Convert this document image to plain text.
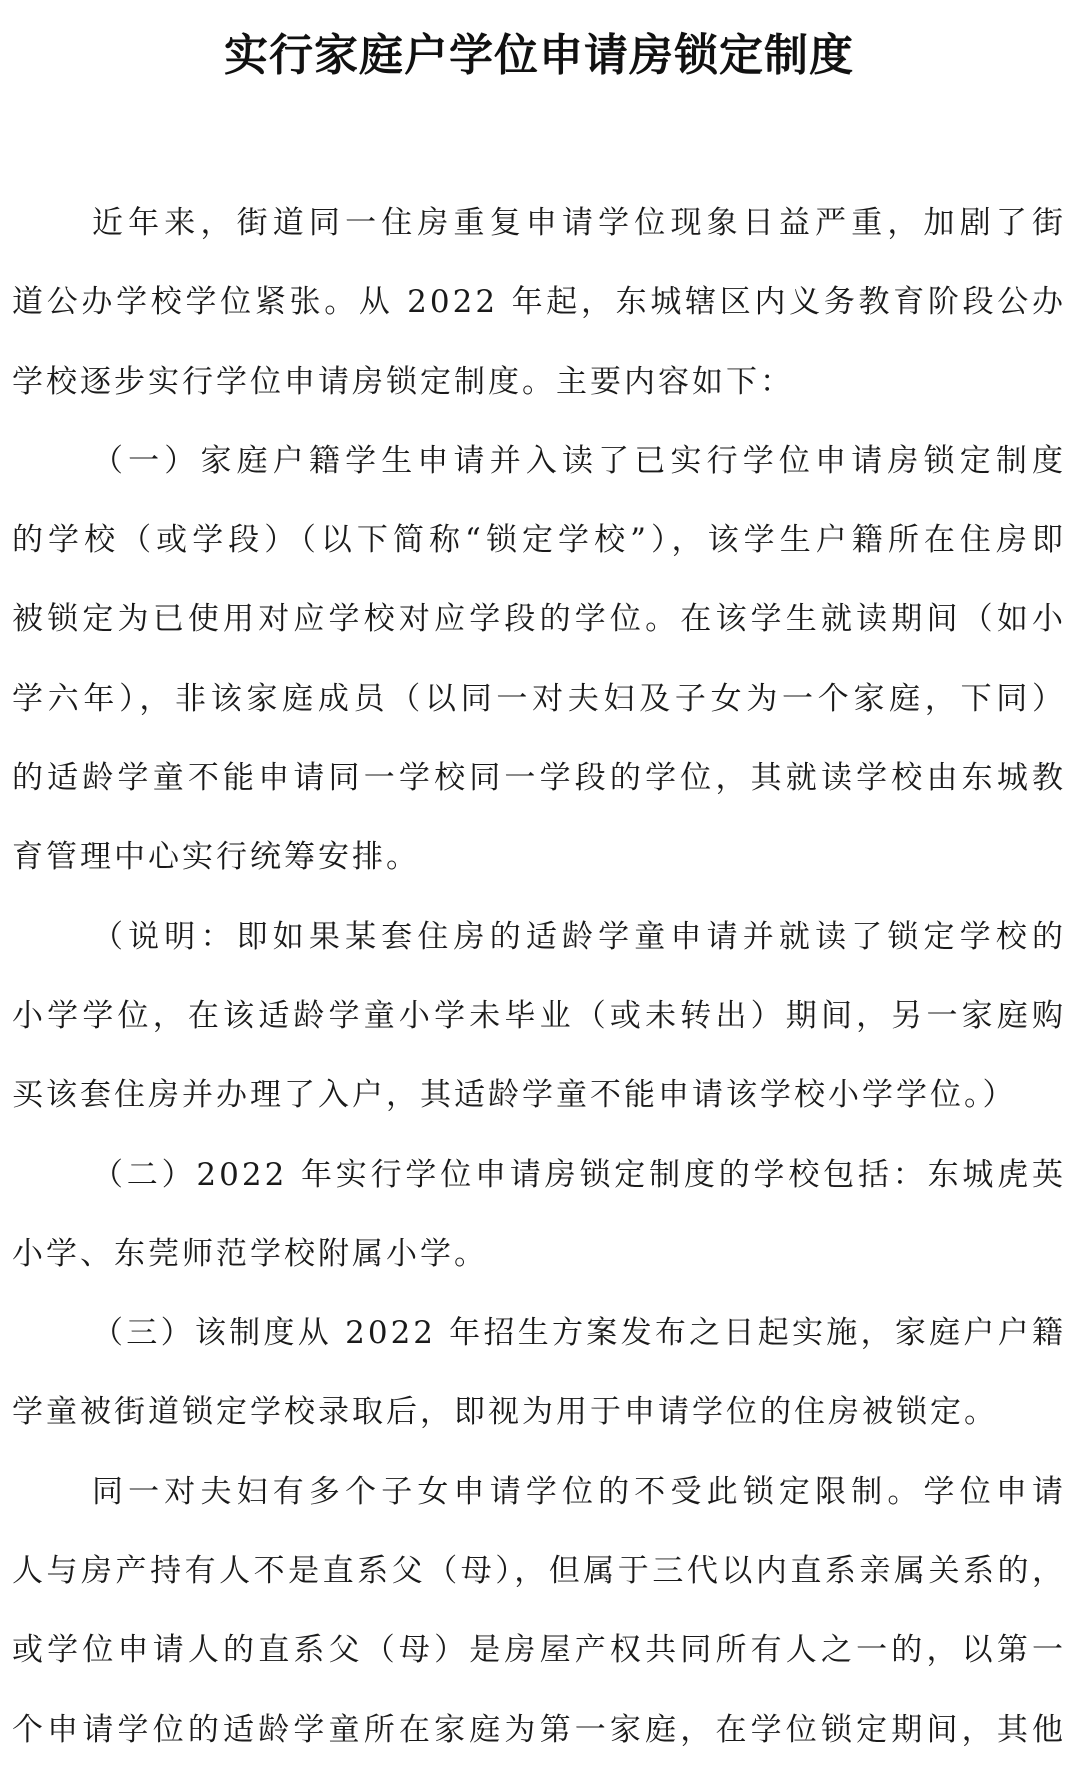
实行家庭户学位申请房锁定制度

近年来，街道同一住房重复申请学位现象日益严重，加剧了街
道公办学校学位紧张。从 2022 年起，东城辖区内义务教育阶段公办
学校逐步实行学位申请房锁定制度。主要内容如下：

（一）家庭户籍学生申请并入读了已实行学位申请房锁定制度
的学校（或学段）（以下简称“锁定学校”），该学生户籍所在住房即
被锁定为已使用对应学校对应学段的学位。在该学生就读期间（如小
学六年），非该家庭成员（以同一对夫妇及子女为一个家庭，下同）
的适龄学童不能申请同一学校同一学段的学位，其就读学校由东城教
育管理中心实行统筹安排。

（说明：即如果某套住房的适龄学童申请并就读了锁定学校的
小学学位，在该适龄学童小学未毕业（或未转出）期间，另一家庭购
买该套住房并办理了入户，其适龄学童不能申请该学校小学学位。）

（二）2022 年实行学位申请房锁定制度的学校包括：东城虎英
小学、东莞师范学校附属小学。

（三）该制度从 2022 年招生方案发布之日起实施，家庭户户籍
学童被街道锁定学校录取后，即视为用于申请学位的住房被锁定。

同一对夫妇有多个子女申请学位的不受此锁定限制。学位申请
人与房产持有人不是直系父（母），但属于三代以内直系亲属关系的，
或学位申请人的直系父（母）是房屋产权共同所有人之一的，以第一
个申请学位的适龄学童所在家庭为第一家庭，在学位锁定期间，其他
